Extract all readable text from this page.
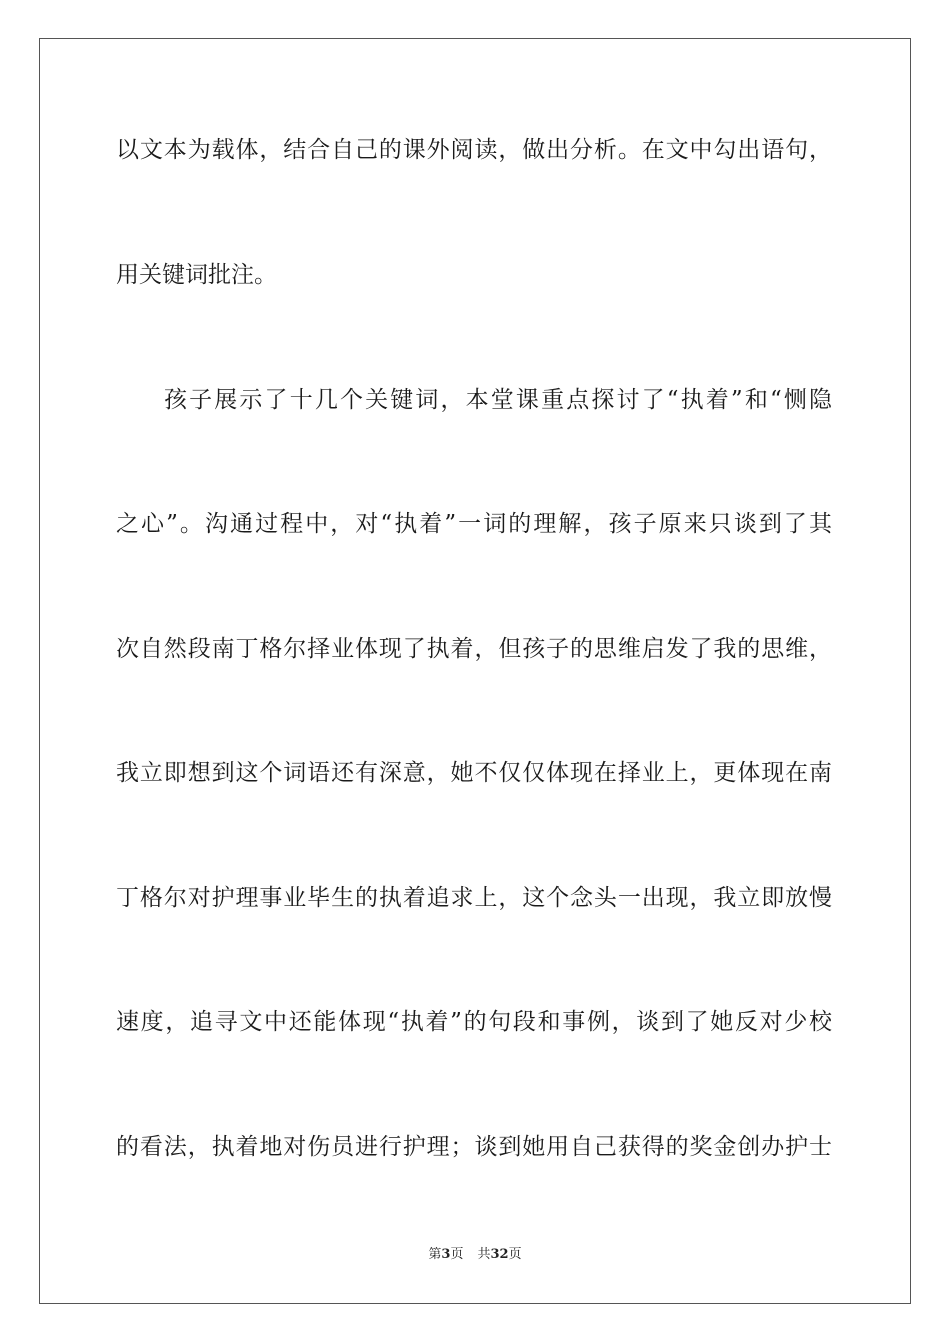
以文本为载体，结合自己的课外阅读，做出分析。在文中勾出语句，
用关键词批注。
孩子展示了十几个关键词，本堂课重点探讨了“执着”和“恻隐
之心”。沟通过程中，对“执着”一词的理解，孩子原来只谈到了其
次自然段南丁格尔择业体现了执着，但孩子的思维启发了我的思维，
我立即想到这个词语还有深意，她不仅仅体现在择业上，更体现在南
丁格尔对护理事业毕生的执着追求上，这个念头一出现，我立即放慢
速度，追寻文中还能体现“执着”的句段和事例，谈到了她反对少校
的看法，执着地对伤员进行护理；谈到她用自己获得的奖金创办护士
第3页 共32页
